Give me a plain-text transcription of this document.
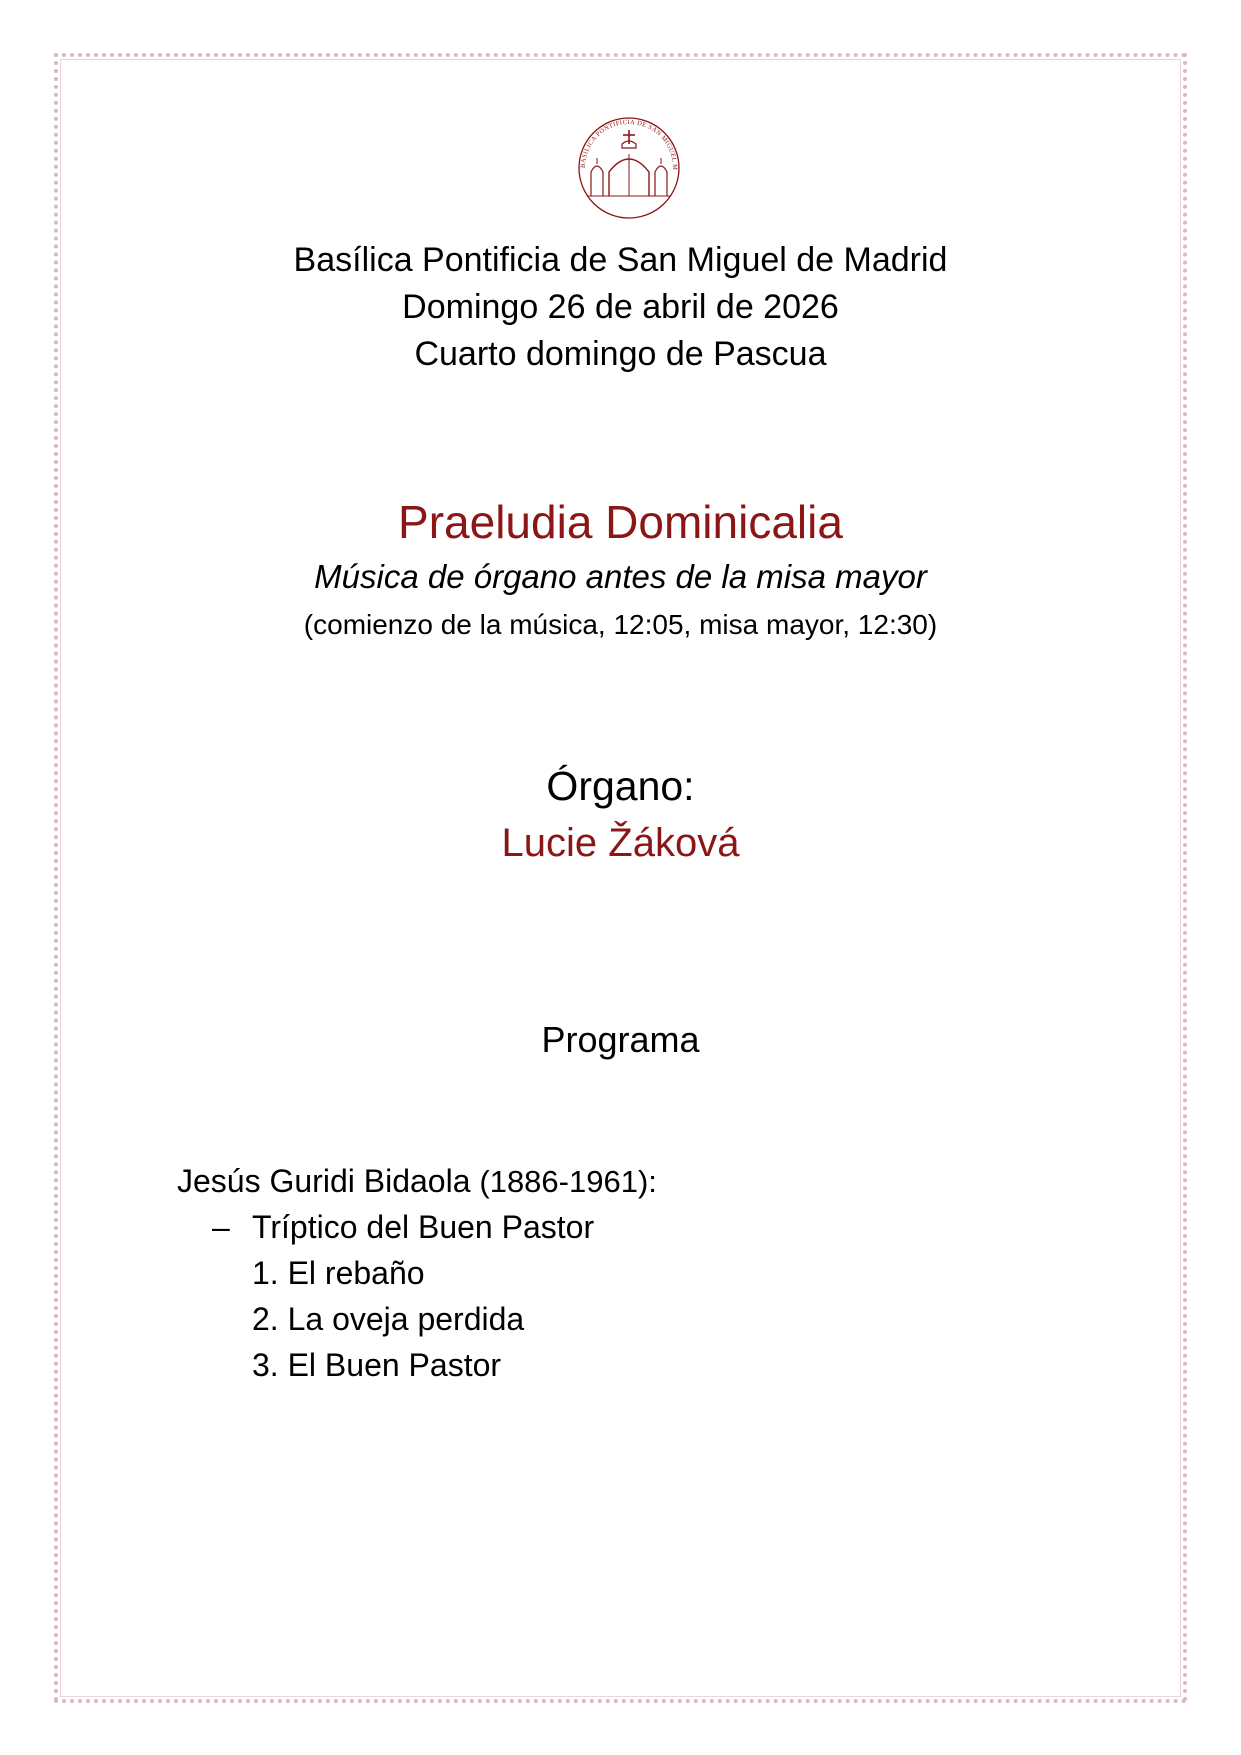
BASILICA PONTIFICIA DE SAN MIGUEL M
Basílica Pontificia de San Miguel de Madrid
Domingo 26 de abril de 2026
Cuarto domingo de Pascua
Praeludia Dominicalia
Música de órgano antes de la misa mayor
(comienzo de la música, 12:05, misa mayor, 12:30)
Órgano:
Lucie Žáková
Programa
Jesús Guridi Bidaola (1886-1961):
– Tríptico del Buen Pastor
1. El rebaño
2. La oveja perdida
3. El Buen Pastor
